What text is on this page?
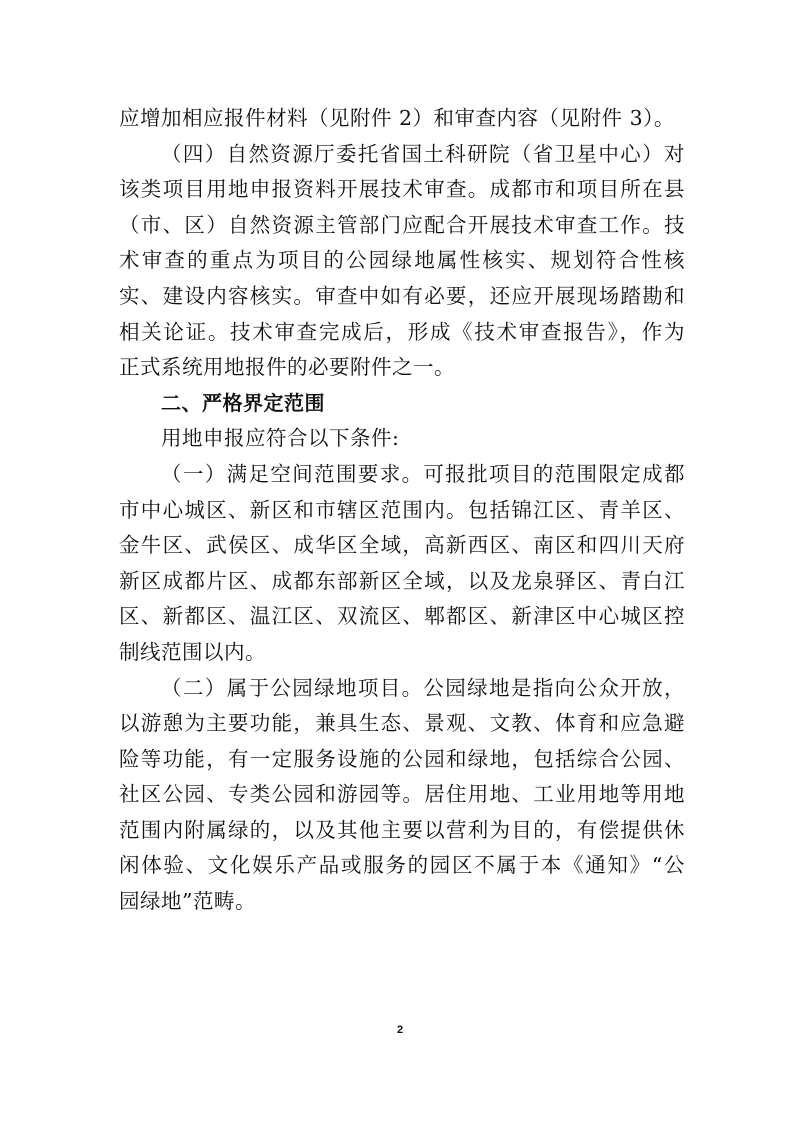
应增加相应报件材料（见附件 2）和审查内容（见附件 3）。
（四）自然资源厅委托省国土科研院（省卫星中心）对
该类项目用地申报资料开展技术审查。成都市和项目所在县
（市、区）自然资源主管部门应配合开展技术审查工作。技
术审查的重点为项目的公园绿地属性核实、规划符合性核
实、建设内容核实。审查中如有必要，还应开展现场踏勘和
相关论证。技术审查完成后，形成《技术审查报告》，作为
正式系统用地报件的必要附件之一。
二、严格界定范围
用地申报应符合以下条件:
（一）满足空间范围要求。可报批项目的范围限定成都
市中心城区、新区和市辖区范围内。包括锦江区、青羊区、
金牛区、武侯区、成华区全域，高新西区、南区和四川天府
新区成都片区、成都东部新区全域，以及龙泉驿区、青白江
区、新都区、温江区、双流区、郫都区、新津区中心城区控
制线范围以内。
（二）属于公园绿地项目。公园绿地是指向公众开放，
以游憩为主要功能，兼具生态、景观、文教、体育和应急避
险等功能，有一定服务设施的公园和绿地，包括综合公园、
社区公园、专类公园和游园等。居住用地、工业用地等用地
范围内附属绿的，以及其他主要以营利为目的，有偿提供休
闲体验、文化娱乐产品或服务的园区不属于本《通知》“公
园绿地”范畴。
2
